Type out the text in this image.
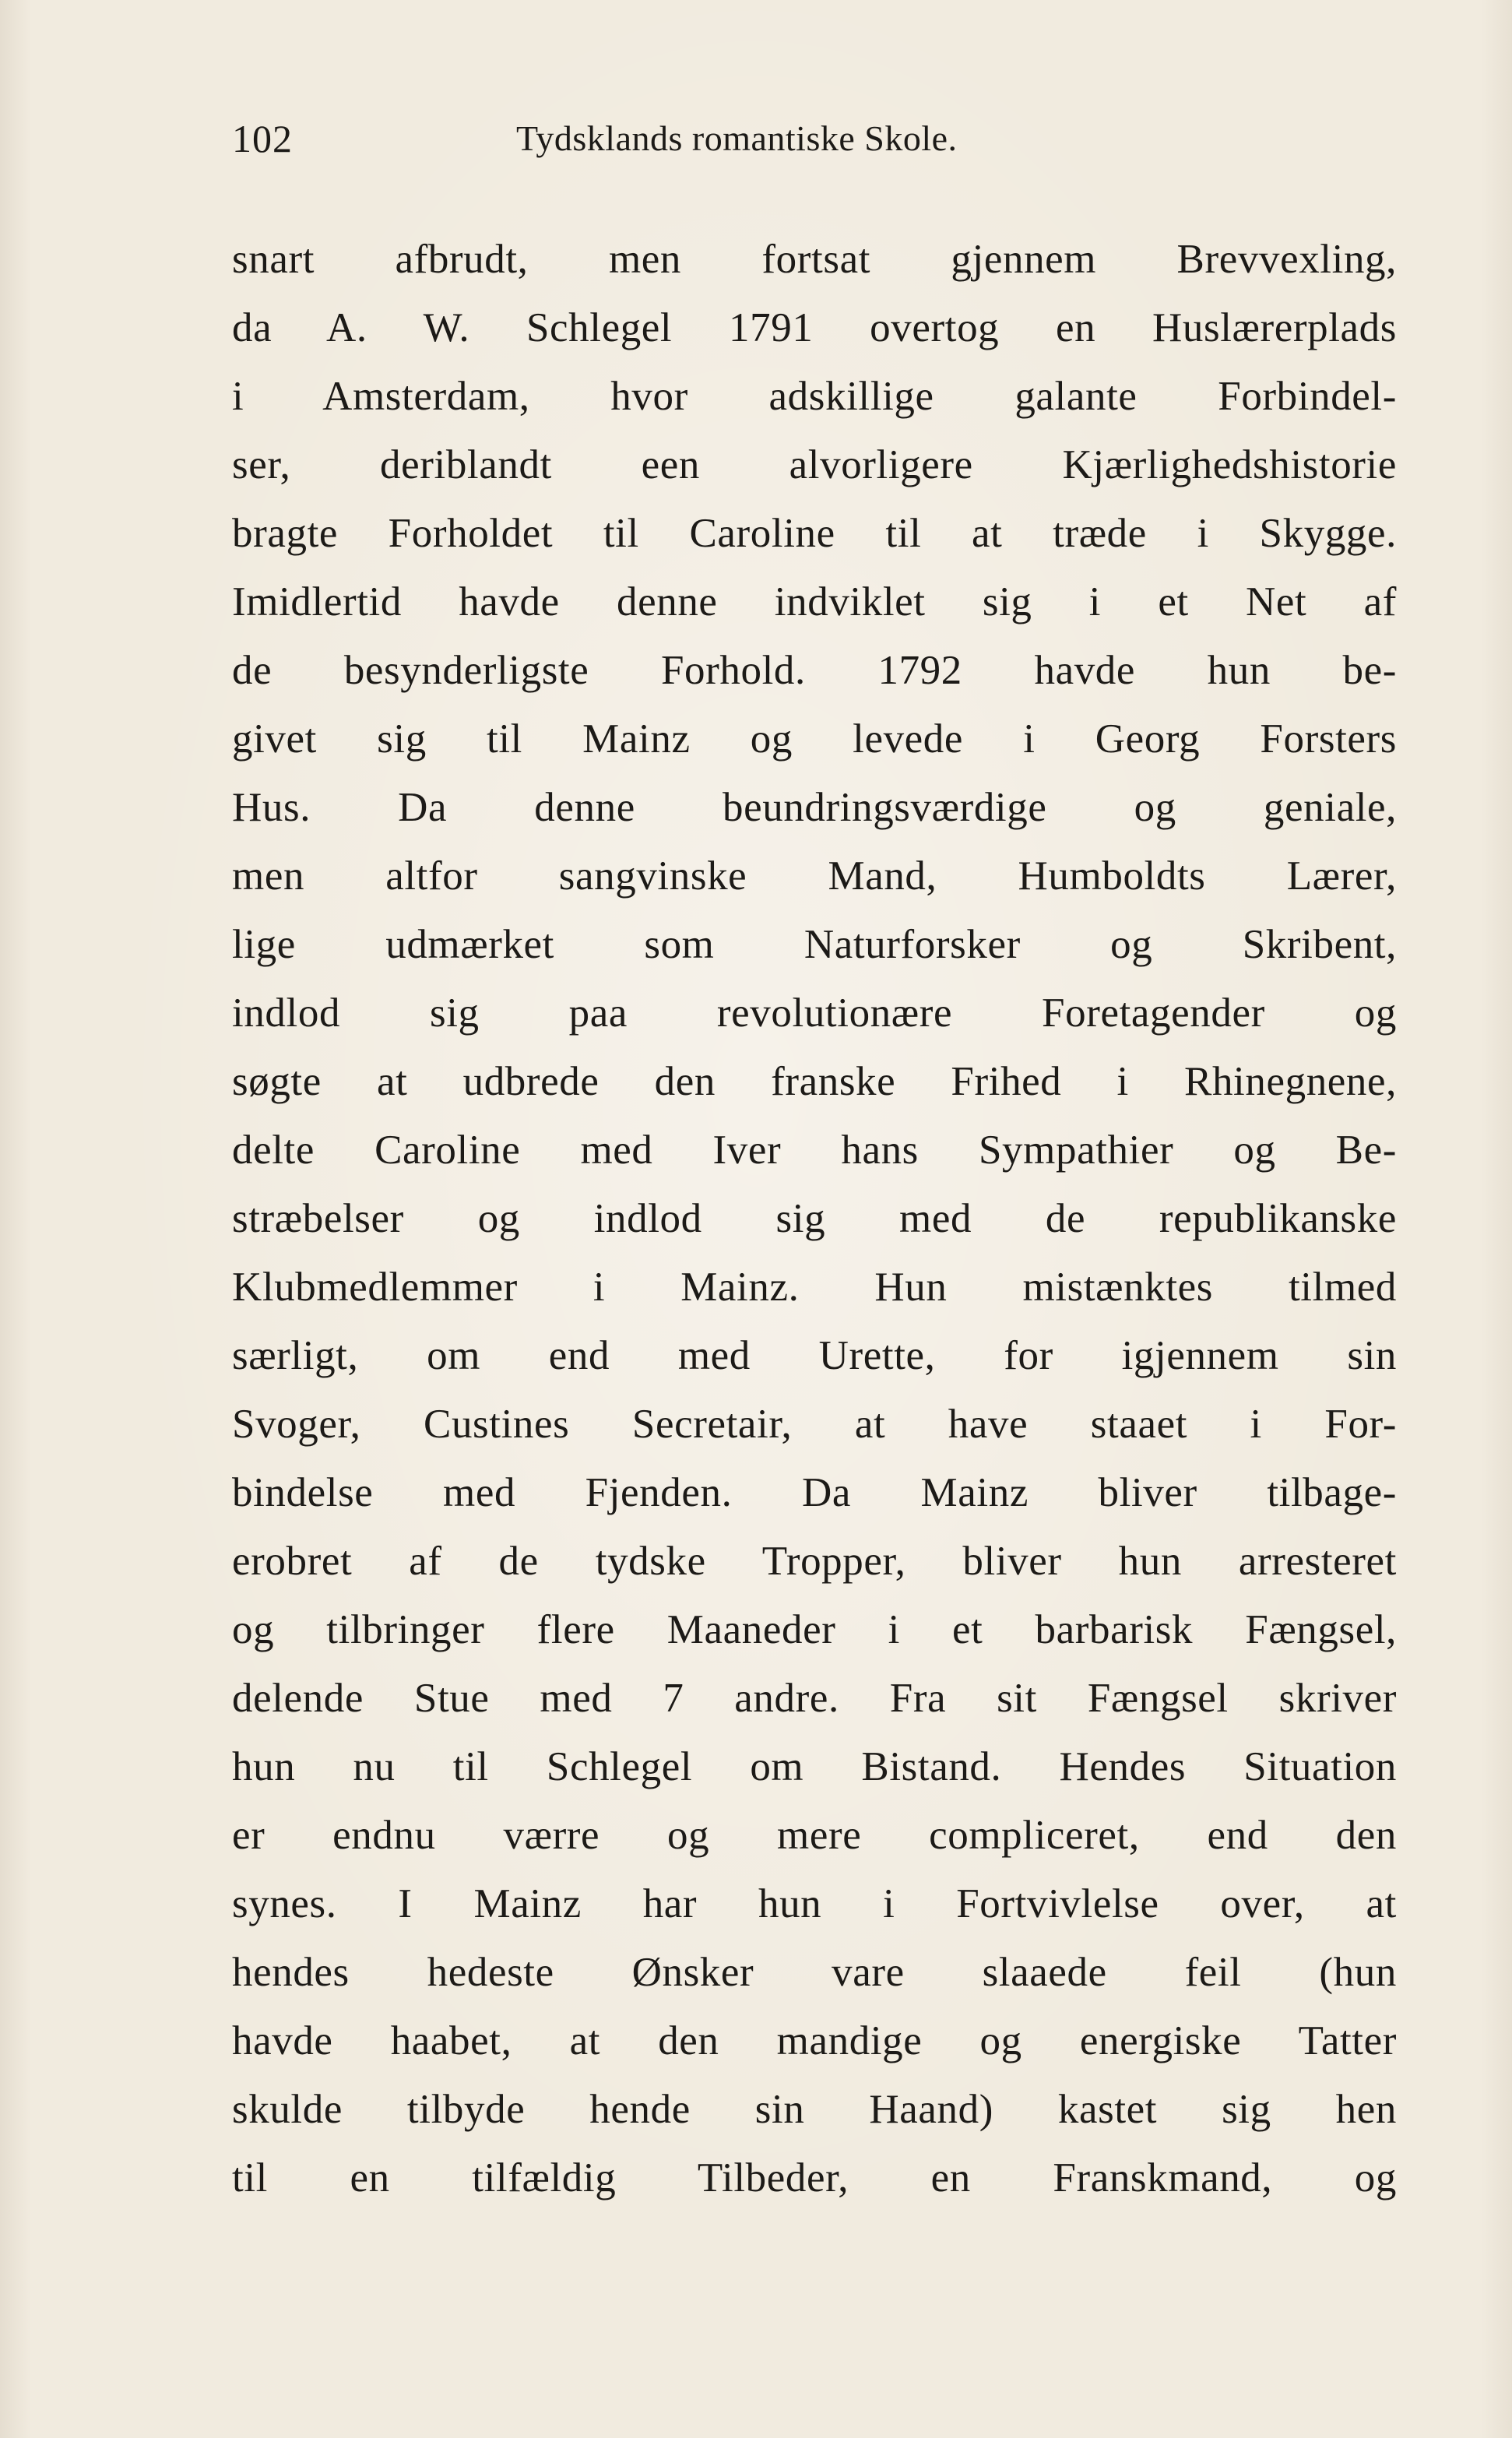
102	Tydsklands romantiske Skole.
snart afbrudt, men fortsat gjennem Brevvexling,
da A. W. Schlegel 1791 overtog en Huslærerplads
i Amsterdam, hvor adskillige galante Forbindel-
ser, deriblandt een alvorligere Kjærlighedshistorie
bragte Forholdet til Caroline til at træde i Skygge.
Imidlertid havde denne indviklet sig i et Net af
de besynderligste Forhold. 1792 havde hun be-
givet sig til Mainz og levede i Georg Forsters
Hus. Da denne beundringsværdige og geniale,
men altfor sangvinske Mand, Humboldts Lærer,
lige udmærket som Naturforsker og Skribent,
indlod sig paa revolutionære Foretagender og
søgte at udbrede den franske Frihed i Rhinegnene,
delte Caroline med Iver hans Sympathier og Be-
stræbelser og indlod sig med de republikanske
Klubmedlemmer i Mainz. Hun mistænktes tilmed
særligt, om end med Urette, for igjennem sin
Svoger, Custines Secretair, at have staaet i For-
bindelse med Fjenden. Da Mainz bliver tilbage-
erobret af de tydske Tropper, bliver hun arresteret
og tilbringer flere Maaneder i et barbarisk Fængsel,
delende Stue med 7 andre. Fra sit Fængsel skriver
hun nu til Schlegel om Bistand. Hendes Situation
er endnu værre og mere compliceret, end den
synes. I Mainz har hun i Fortvivlelse over, at
hendes hedeste Ønsker vare slaaede feil (hun
havde haabet, at den mandige og energiske Tatter
skulde tilbyde hende sin Haand) kastet sig hen
til en tilfældig Tilbeder, en Franskmand, og
